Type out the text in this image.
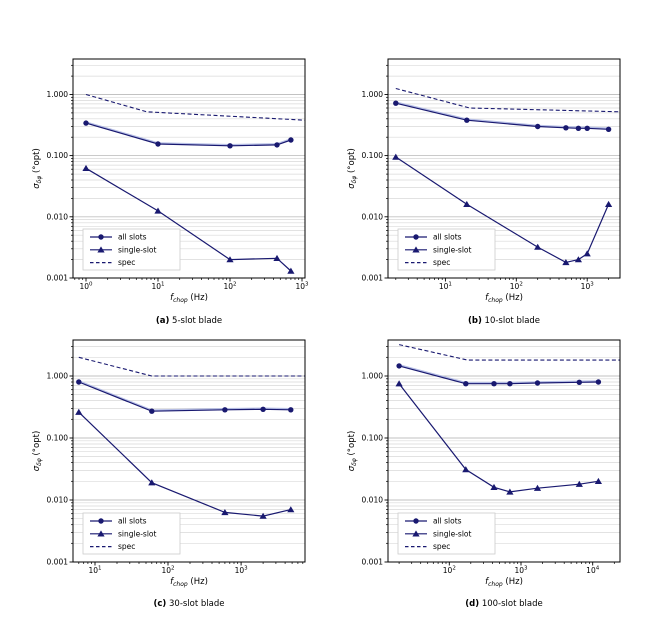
$10^0$	$10^1$	$10^2$	$10^3$
1.000
0.100
0.010
0.001
all slots
single-slot
spec
$f_{chop}$ (Hz)
$\sigma_{\delta\varphi}$ (°opt)
(a) 5-slot blade
$10^1$	$10^2$	$10^3$
1.000
0.100
0.010
0.001
all slots
single-slot
spec
$f_{chop}$ (Hz)
$\sigma_{\delta\varphi}$ (°opt)
(b) 10-slot blade
$10^1$	$10^2$	$10^3$
1.000
0.100
0.010
0.001
all slots
single-slot
spec
$f_{chop}$ (Hz)
$\sigma_{\delta\varphi}$ (°opt)
(c) 30-slot blade
$10^2$	$10^3$	$10^4$
1.000
0.100
0.010
0.001
all slots
single-slot
spec
$f_{chop}$ (Hz)
$\sigma_{\delta\varphi}$ (°opt)
(d) 100-slot blade
